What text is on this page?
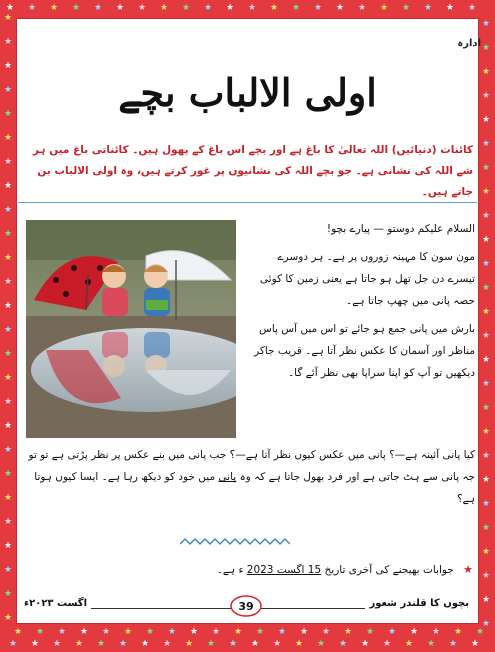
★
★
★
★
★
★
★
★
★
★
★
★
★
★
★
★
★
★
★
★
★
★
★
★
★
★
★
★
★
★
★
★
★
★
★
★
★
★
★
★
★
★
★
★
★
★
★
★
★
★
★
★
★
★
★
★
★
★
★
★
★
★
★
★
★
★
★
★
★
★
★
★
★
★
★
★
★
★
★
★
★
★
★
★
★
★
★
★
★
★
★
★
★
★
★
★
★
★
★
★
★
★
★
★
★
★
★
★
★
★
★
★
★
★
★
★
★
★
ادارہ
اولی الالباب بچے
کائنات (دنیائیں) اللہ تعالیٰ کا باغ ہے اور بچے اس باغ کے پھول ہیں۔ کائناتی باغ میں ہر شے اللہ کی نشانی ہے۔ جو بچے اللہ کی نشانیوں پر غور کرتے ہیں، وہ اولی الالباب بن جاتے ہیں۔

السلام علیکم دوستو — پیارے بچو!

مون سون کا مہینہ زوروں پر ہے۔ ہر دوسرے تیسرے دن جل تھل ہو جاتا ہے یعنی زمین کا کوئی حصہ پانی میں چھپ جاتا ہے۔

بارش میں پانی جمع ہو جائے تو اس میں آس پاس مناظر اور آسمان کا عکس نظر آتا ہے۔ قریب جاکر دیکھیں تو آپ کو اپنا سراپا بھی نظر آئے گا۔

کیا پانی آئینہ ہے—؟ پانی میں عکس کیوں نظر آتا ہے—؟ جب پانی میں بنے عکس پر نظر پڑتی ہے تو تو جہ پانی سے ہٹ جاتی ہے اور فرد بھول جاتا ہے کہ وہ پانی میں خود کو دیکھ رہا ہے۔ ایسا کیوں ہوتا ہے؟
★ جوابات بھیجنے کی آخری تاریخ 15 اگست 2023 ء ہے۔
بچوں کا قلندر شعور
39
اگست ۲۰۲۳ء
